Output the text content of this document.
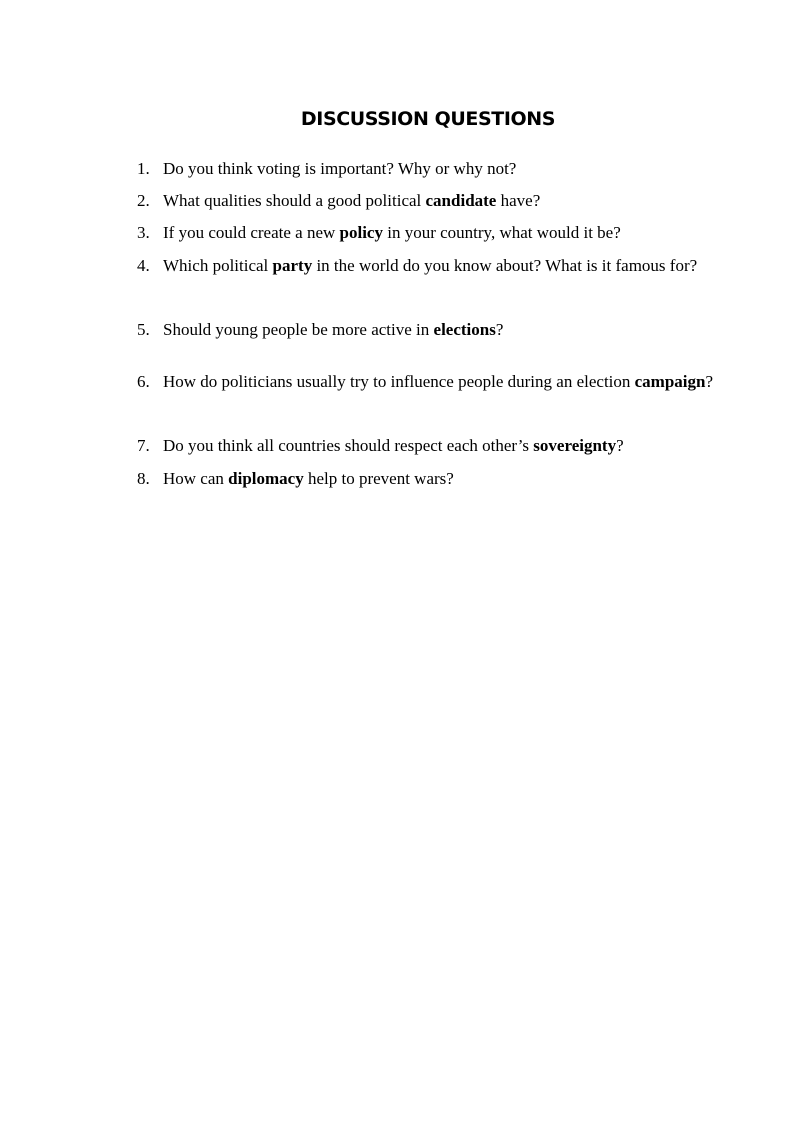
DISCUSSION QUESTIONS
1. Do you think voting is important? Why or why not?
2. What qualities should a good political candidate have?
3. If you could create a new policy in your country, what would it be?
4. Which political party in the world do you know about? What is it famous for?
5. Should young people be more active in elections?
6. How do politicians usually try to influence people during an election campaign?
7. Do you think all countries should respect each other’s sovereignty?
8. How can diplomacy help to prevent wars?
